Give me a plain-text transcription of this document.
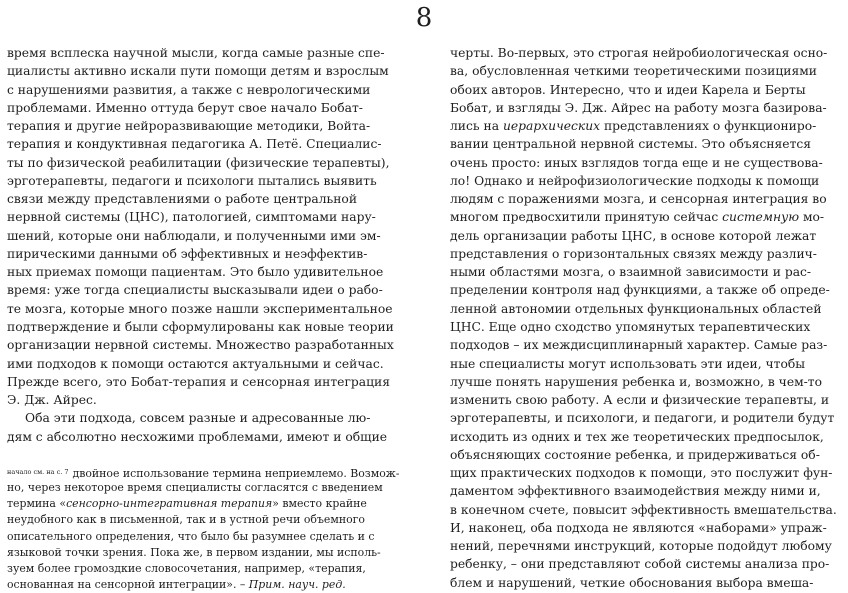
8
время всплеска научной мысли, когда самые разные спе-
циалисты активно искали пути помощи детям и взрослым
с нарушениями развития, а также с неврологическими
проблемами. Именно оттуда берут свое начало Бобат-
терапия и другие нейроразвивающие методики, Войта-
терапия и кондуктивная педагогика А. Петё. Специалис-
ты по физической реабилитации (физические терапевты),
эрготерапевты, педагоги и психологи пытались выявить
связи между представлениями о работе центральной
нервной системы (ЦНС), патологией, симптомами нару-
шений, которые они наблюдали, и полученными ими эм-
пирическими данными об эффективных и неэффектив-
ных приемах помощи пациентам. Это было удивительное
время: уже тогда специалисты высказывали идеи о рабо-
те мозга, которые много позже нашли экспериментальное
подтверждение и были сформулированы как новые теории
организации нервной системы. Множество разработанных
ими подходов к помощи остаются актуальными и сейчас.
Прежде всего, это Бобат-терапия и сенсорная интеграция
Э. Дж. Айрес.
Оба эти подхода, совсем разные и адресованные лю-
дям с абсолютно несхожими проблемами, имеют и общие
$^{начало см. на с. 7}$ двойное использование термина неприемлемо. Возмож-
но, через некоторое время специалисты согласятся с введением
термина «сенсорно-интегративная терапия» вместо крайне
неудобного как в письменной, так и в устной речи объемного
описательного определения, что было бы разумнее сделать и с
языковой точки зрения. Пока же, в первом издании, мы исполь-
зуем более громоздкие словосочетания, например, «терапия,
основанная на сенсорной интеграции». – Прим. науч. ред.
черты. Во-первых, это строгая нейробиологическая осно-
ва, обусловленная четкими теоретическими позициями
обоих авторов. Интересно, что и идеи Карела и Берты
Бобат, и взгляды Э. Дж. Айрес на работу мозга базирова-
лись на иерархических представлениях о функциониро-
вании центральной нервной системы. Это объясняется
очень просто: иных взглядов тогда еще и не существова-
ло! Однако и нейрофизиологические подходы к помощи
людям с поражениями мозга, и сенсорная интеграция во
многом предвосхитили принятую сейчас системную мо-
дель организации работы ЦНС, в основе которой лежат
представления о горизонтальных связях между различ-
ными областями мозга, о взаимной зависимости и рас-
пределении контроля над функциями, а также об опреде-
ленной автономии отдельных функциональных областей
ЦНС. Еще одно сходство упомянутых терапевтических
подходов – их междисциплинарный характер. Самые раз-
ные специалисты могут использовать эти идеи, чтобы
лучше понять нарушения ребенка и, возможно, в чем-то
изменить свою работу. А если и физические терапевты, и
эрготерапевты, и психологи, и педагоги, и родители будут
исходить из одних и тех же теоретических предпосылок,
объясняющих состояние ребенка, и придерживаться об-
щих практических подходов к помощи, это послужит фун-
даментом эффективного взаимодействия между ними и,
в конечном счете, повысит эффективность вмешательства.
И, наконец, оба подхода не являются «наборами» упраж-
нений, перечнями инструкций, которые подойдут любому
ребенку, – они представляют собой системы анализа про-
блем и нарушений, четкие обоснования выбора вмеша-
